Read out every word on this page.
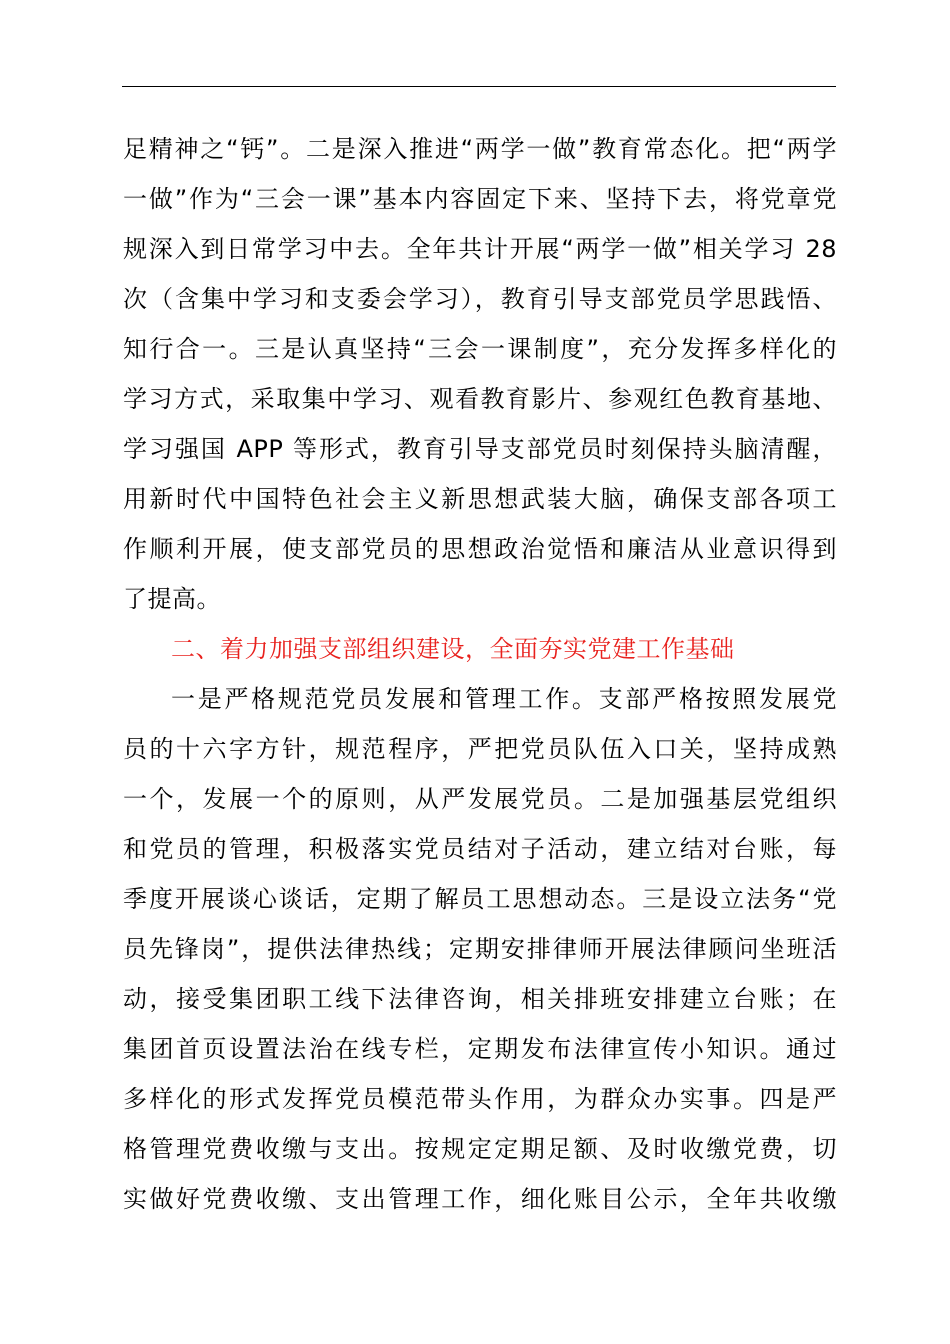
足精神之“钙”。二是深入推进“两学一做”教育常态化。把“两学
一做”作为“三会一课”基本内容固定下来、坚持下去，将党章党
规深入到日常学习中去。全年共计开展“两学一做”相关学习 28
次（含集中学习和支委会学习），教育引导支部党员学思践悟、
知行合一。三是认真坚持“三会一课制度”，充分发挥多样化的
学习方式，采取集中学习、观看教育影片、参观红色教育基地、
学习强国 APP 等形式，教育引导支部党员时刻保持头脑清醒，
用新时代中国特色社会主义新思想武装大脑，确保支部各项工
作顺利开展，使支部党员的思想政治觉悟和廉洁从业意识得到
了提高。
二、着力加强支部组织建设，全面夯实党建工作基础
一是严格规范党员发展和管理工作。支部严格按照发展党
员的十六字方针，规范程序，严把党员队伍入口关，坚持成熟
一个，发展一个的原则，从严发展党员。二是加强基层党组织
和党员的管理，积极落实党员结对子活动，建立结对台账，每
季度开展谈心谈话，定期了解员工思想动态。三是设立法务“党
员先锋岗”，提供法律热线；定期安排律师开展法律顾问坐班活
动，接受集团职工线下法律咨询，相关排班安排建立台账；在
集团首页设置法治在线专栏，定期发布法律宣传小知识。通过
多样化的形式发挥党员模范带头作用，为群众办实事。四是严
格管理党费收缴与支出。按规定定期足额、及时收缴党费，切
实做好党费收缴、支出管理工作，细化账目公示，全年共收缴
